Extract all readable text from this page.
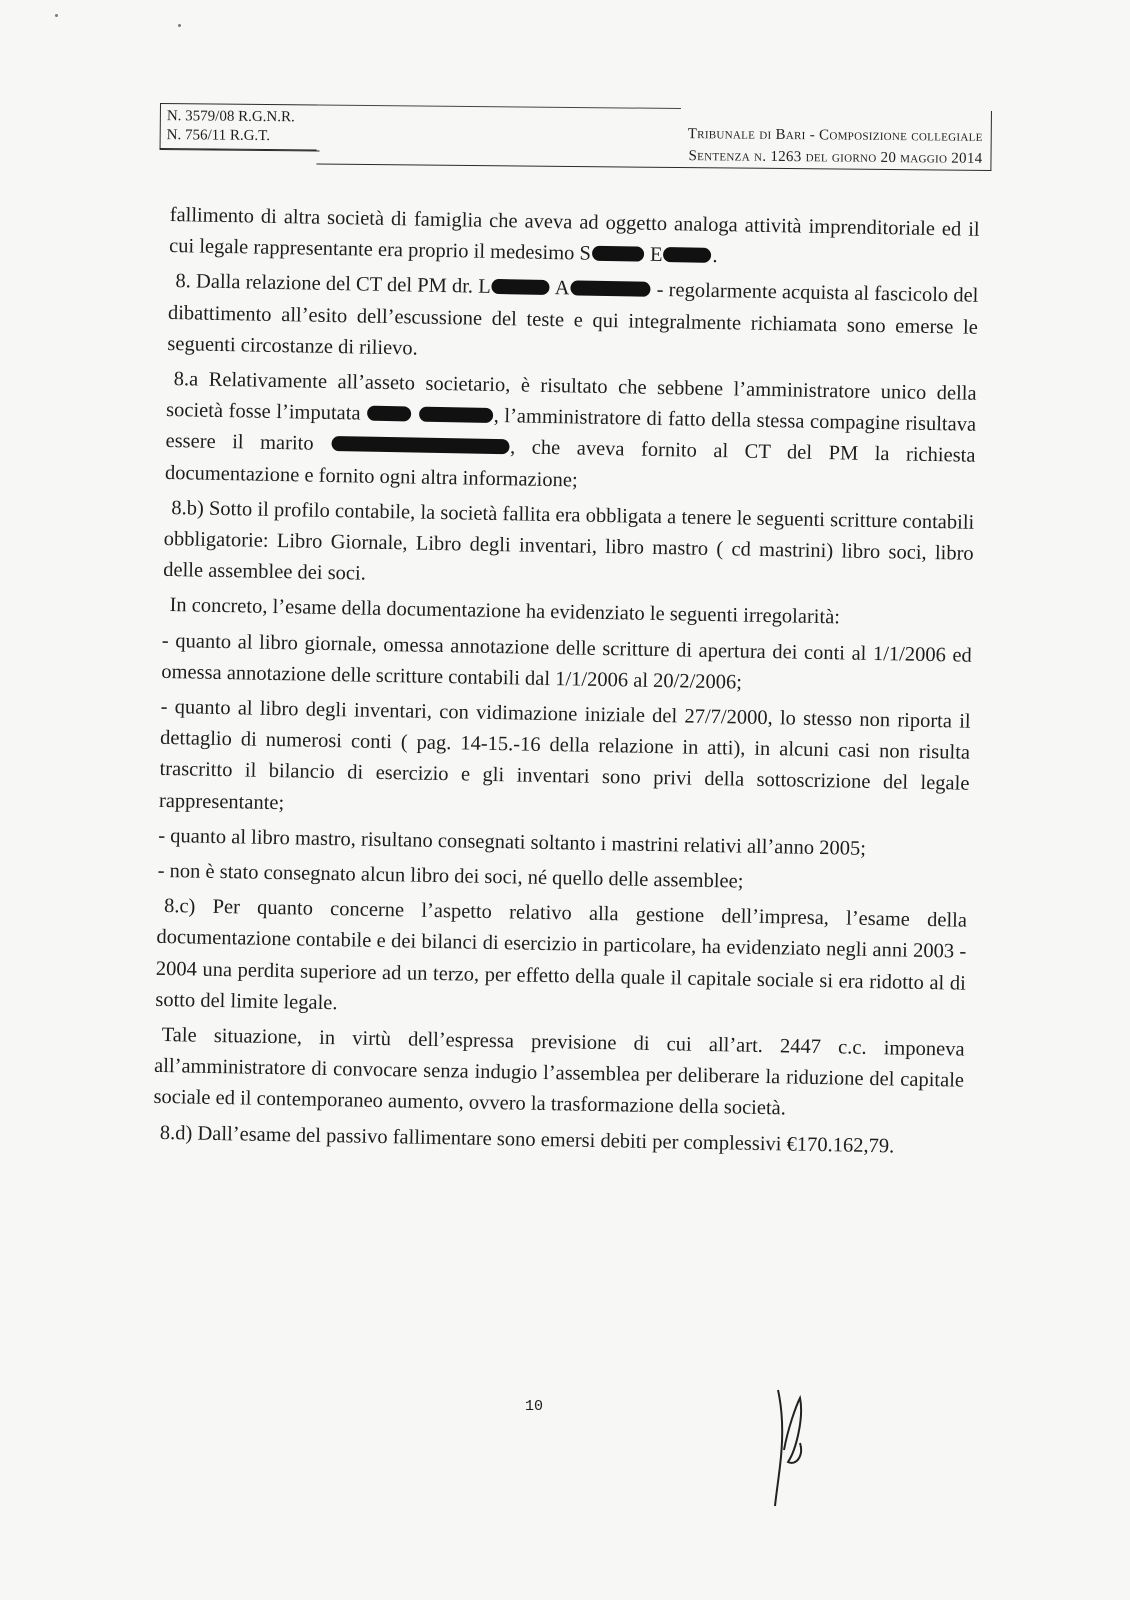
N. 3579/08 R.G.N.R.
N. 756/11 R.G.T.	Tribunale di Bari - Composizione collegiale
Sentenza n. 1263 del giorno 20 maggio 2014

fallimento di altra società di famiglia che aveva ad oggetto analoga attività imprenditoriale ed il cui legale rappresentante era proprio il medesimo S	E .

8. Dalla relazione del CT del PM dr. L	A	- regolarmente acquista al fascicolo del dibattimento all’esito dell’escussione del teste e qui integralmente richiamata sono emerse le seguenti circostanze di rilievo.

8.a Relativamente all’asseto societario, è risultato che sebbene l’amministratore unico della società fosse l’imputata	, l’amministratore di fatto della stessa compagine risultava essere il marito	, che aveva fornito al CT del PM la richiesta documentazione e fornito ogni altra informazione;

8.b) Sotto il profilo contabile, la società fallita era obbligata a tenere le seguenti scritture contabili obbligatorie: Libro Giornale, Libro degli inventari, libro mastro ( cd mastrini) libro soci, libro delle assemblee dei soci.

In concreto, l’esame della documentazione ha evidenziato le seguenti irregolarità:

- quanto al libro giornale, omessa annotazione delle scritture di apertura dei conti al 1/1/2006 ed omessa annotazione delle scritture contabili dal 1/1/2006 al 20/2/2006;

- quanto al libro degli inventari, con vidimazione iniziale del 27/7/2000, lo stesso non riporta il dettaglio di numerosi conti ( pag. 14-15.-16 della relazione in atti), in alcuni casi non risulta trascritto il bilancio di esercizio e gli inventari sono privi della sottoscrizione del legale rappresentante;

- quanto al libro mastro, risultano consegnati soltanto i mastrini relativi all’anno 2005;

- non è stato consegnato alcun libro dei soci, né quello delle assemblee;

8.c) Per quanto concerne l’aspetto relativo alla gestione dell’impresa, l’esame della documentazione contabile e dei bilanci di esercizio in particolare, ha evidenziato negli anni 2003 - 2004 una perdita superiore ad un terzo, per effetto della quale il capitale sociale si era ridotto al di sotto del limite legale.

Tale situazione, in virtù dell’espressa previsione di cui all’art. 2447 c.c. imponeva all’amministratore di convocare senza indugio l’assemblea per deliberare la riduzione del capitale sociale ed il contemporaneo aumento, ovvero la trasformazione della società.

8.d) Dall’esame del passivo fallimentare sono emersi debiti per complessivi €170.162,79.

10
